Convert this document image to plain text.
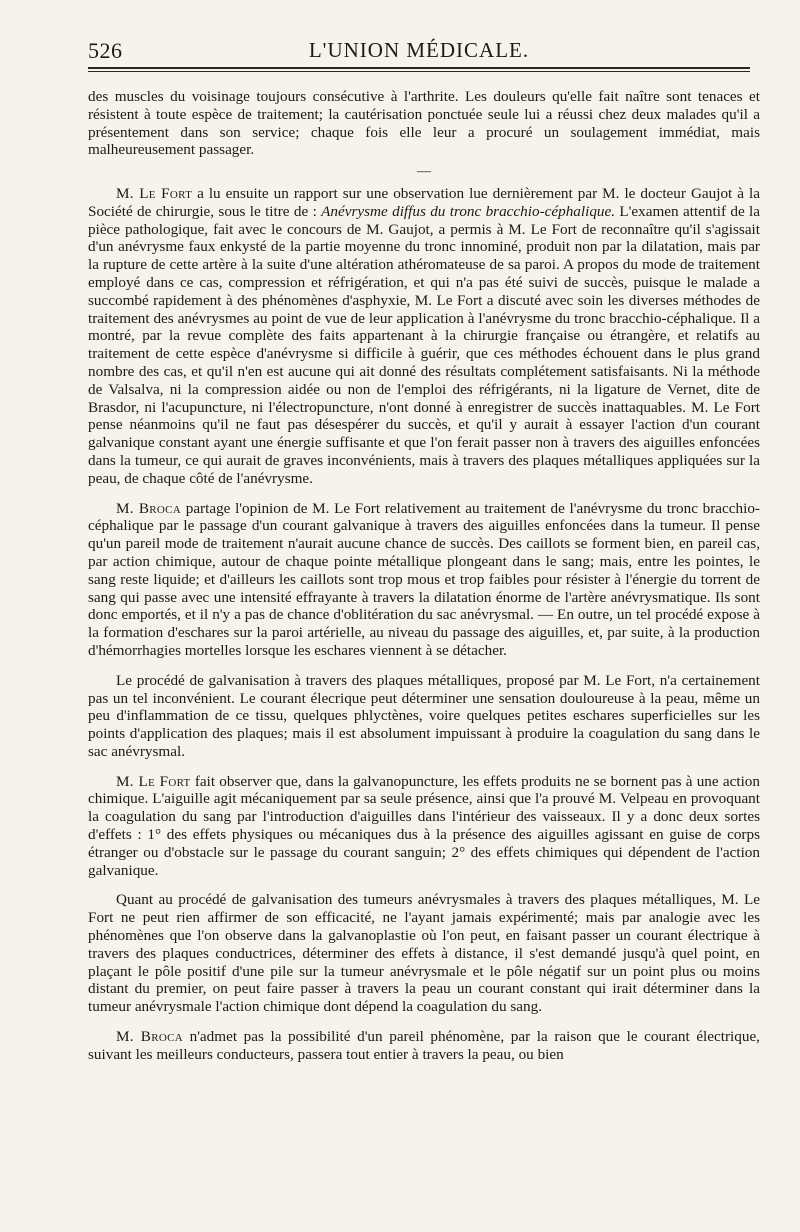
526	L'UNION MÉDICALE.

des muscles du voisinage toujours consécutive à l'arthrite. Les douleurs qu'elle fait naître sont tenaces et résistent à toute espèce de traitement; la cautérisation ponctuée seule lui a réussi chez deux malades qu'il a présentement dans son service; chaque fois elle leur a procuré un soulagement immédiat, mais malheureusement passager.

—

M. Le Fort a lu ensuite un rapport sur une observation lue dernièrement par M. le docteur Gaujot à la Société de chirurgie, sous le titre de : Anévrysme diffus du tronc bracchio-céphalique. L'examen attentif de la pièce pathologique, fait avec le concours de M. Gaujot, a permis à M. Le Fort de reconnaître qu'il s'agissait d'un anévrysme faux enkysté de la partie moyenne du tronc innominé, produit non par la dilatation, mais par la rupture de cette artère à la suite d'une altération athéromateuse de sa paroi. A propos du mode de traitement employé dans ce cas, compression et réfrigération, et qui n'a pas été suivi de succès, puisque le malade a succombé rapidement à des phénomènes d'asphyxie, M. Le Fort a discuté avec soin les diverses méthodes de traitement des anévrysmes au point de vue de leur application à l'anévrysme du tronc bracchio-céphalique. Il a montré, par la revue complète des faits appartenant à la chirurgie française ou étrangère, et relatifs au traitement de cette espèce d'anévrysme si difficile à guérir, que ces méthodes échouent dans le plus grand nombre des cas, et qu'il n'en est aucune qui ait donné des résultats complétement satisfaisants. Ni la méthode de Valsalva, ni la compression aidée ou non de l'emploi des réfrigérants, ni la ligature de Vernet, dite de Brasdor, ni l'acupuncture, ni l'électropuncture, n'ont donné à enregistrer de succès inattaquables. M. Le Fort pense néanmoins qu'il ne faut pas désespérer du succès, et qu'il y aurait à essayer l'action d'un courant galvanique constant ayant une énergie suffisante et que l'on ferait passer non à travers des aiguilles enfoncées dans la tumeur, ce qui aurait de graves inconvénients, mais à travers des plaques métalliques appliquées sur la peau, de chaque côté de l'anévrysme.

M. Broca partage l'opinion de M. Le Fort relativement au traitement de l'anévrysme du tronc bracchio-céphalique par le passage d'un courant galvanique à travers des aiguilles enfoncées dans la tumeur. Il pense qu'un pareil mode de traitement n'aurait aucune chance de succès. Des caillots se forment bien, en pareil cas, par action chimique, autour de chaque pointe métallique plongeant dans le sang; mais, entre les pointes, le sang reste liquide; et d'ailleurs les caillots sont trop mous et trop faibles pour résister à l'énergie du torrent de sang qui passe avec une intensité effrayante à travers la dilatation énorme de l'artère anévrysmatique. Ils sont donc emportés, et il n'y a pas de chance d'oblitération du sac anévrysmal. — En outre, un tel procédé expose à la formation d'eschares sur la paroi artérielle, au niveau du passage des aiguilles, et, par suite, à la production d'hémorrhagies mortelles lorsque les eschares viennent à se détacher.

Le procédé de galvanisation à travers des plaques métalliques, proposé par M. Le Fort, n'a certainement pas un tel inconvénient. Le courant élecrique peut déterminer une sensation douloureuse à la peau, même un peu d'inflammation de ce tissu, quelques phlyctènes, voire quelques petites eschares superficielles sur les points d'application des plaques; mais il est absolument impuissant à produire la coagulation du sang dans le sac anévrysmal.

M. Le Fort fait observer que, dans la galvanopuncture, les effets produits ne se bornent pas à une action chimique. L'aiguille agit mécaniquement par sa seule présence, ainsi que l'a prouvé M. Velpeau en provoquant la coagulation du sang par l'introduction d'aiguilles dans l'intérieur des vaisseaux. Il y a donc deux sortes d'effets : 1° des effets physiques ou mécaniques dus à la présence des aiguilles agissant en guise de corps étranger ou d'obstacle sur le passage du courant sanguin; 2° des effets chimiques qui dépendent de l'action galvanique.

Quant au procédé de galvanisation des tumeurs anévrysmales à travers des plaques métalliques, M. Le Fort ne peut rien affirmer de son efficacité, ne l'ayant jamais expérimenté; mais par analogie avec les phénomènes que l'on observe dans la galvanoplastie où l'on peut, en faisant passer un courant électrique à travers des plaques conductrices, déterminer des effets à distance, il s'est demandé jusqu'à quel point, en plaçant le pôle positif d'une pile sur la tumeur anévrysmale et le pôle négatif sur un point plus ou moins distant du premier, on peut faire passer à travers la peau un courant constant qui irait déterminer dans la tumeur anévrysmale l'action chimique dont dépend la coagulation du sang.

M. Broca n'admet pas la possibilité d'un pareil phénomène, par la raison que le courant électrique, suivant les meilleurs conducteurs, passera tout entier à travers la peau, ou bien
